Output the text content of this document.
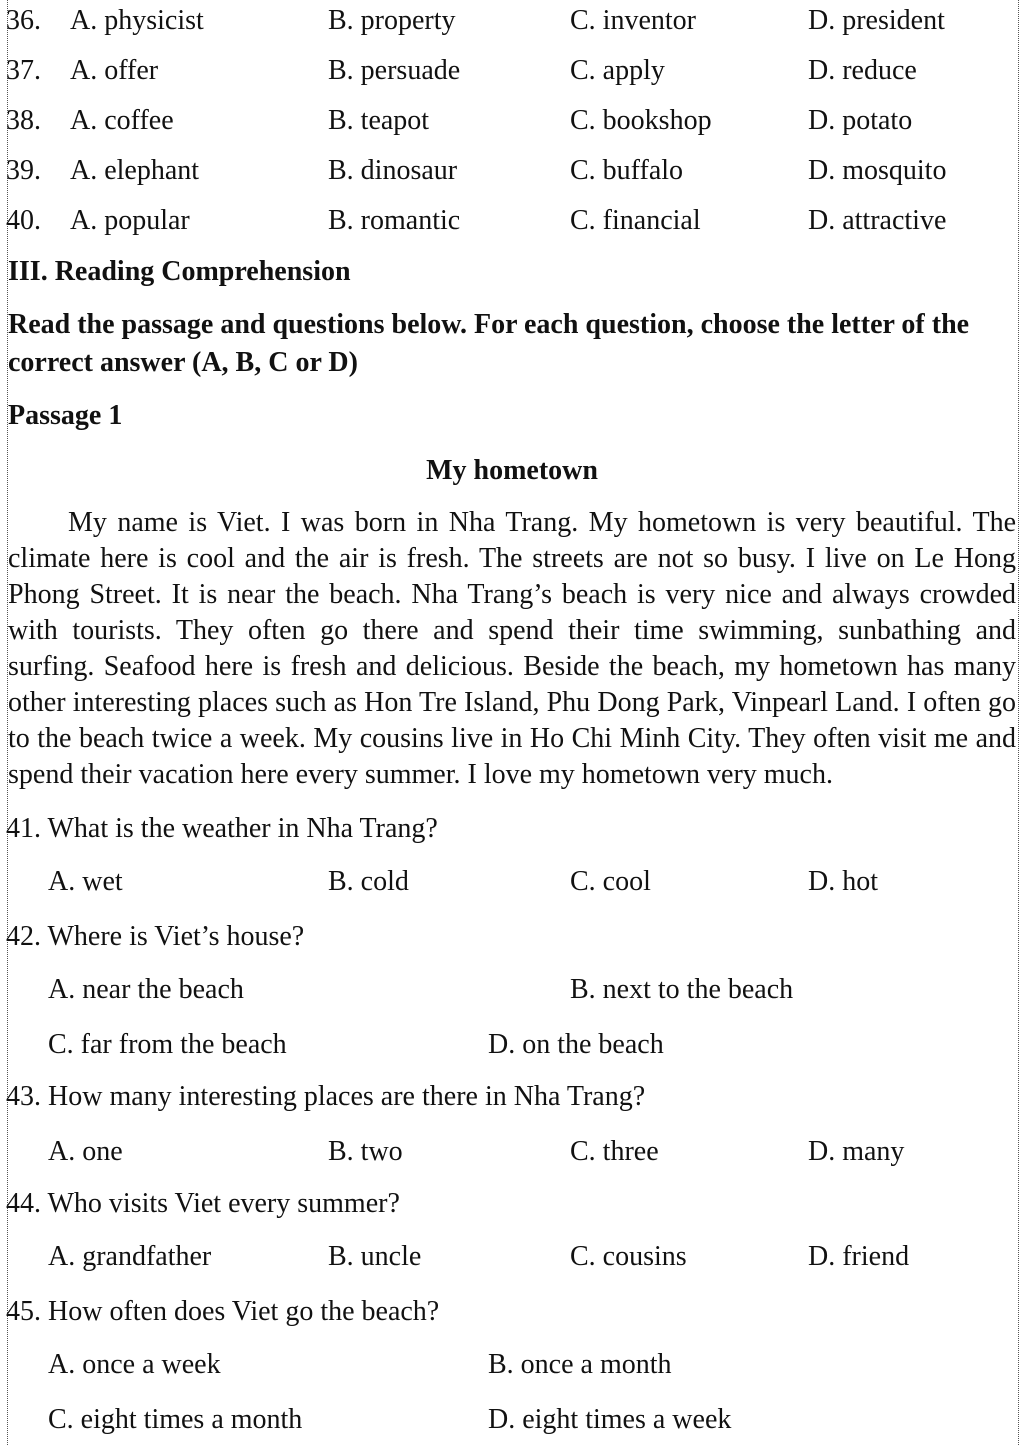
36. A. physicist	B. property	C. inventor	D. president
37. A. offer	B. persuade	C. apply	D. reduce
38. A. coffee	B. teapot	C. bookshop	D. potato
39. A. elephant	B. dinosaur	C. buffalo	D. mosquito
40. A. popular	B. romantic	C. financial	D. attractive
III. Reading Comprehension
Read the passage and questions below. For each question, choose the letter of the correct answer (A, B, C or D)
Passage 1
My hometown
My name is Viet. I was born in Nha Trang. My hometown is very beautiful. The climate here is cool and the air is fresh. The streets are not so busy. I live on Le Hong Phong Street. It is near the beach. Nha Trang’s beach is very nice and always crowded with tourists. They often go there and spend their time swimming, sunbathing and surfing. Seafood here is fresh and delicious. Beside the beach, my hometown has many other interesting places such as Hon Tre Island, Phu Dong Park, Vinpearl Land. I often go to the beach twice a week. My cousins live in Ho Chi Minh City. They often visit me and spend their vacation here every summer. I love my hometown very much.
41. What is the weather in Nha Trang?
A. wet	B. cold	C. cool	D. hot
42. Where is Viet’s house?
A. near the beach	B. next to the beach
C. far from the beach	D. on the beach
43. How many interesting places are there in Nha Trang?
A. one	B. two	C. three	D. many
44. Who visits Viet every summer?
A. grandfather	B. uncle	C. cousins	D. friend
45. How often does Viet go the beach?
A. once a week	B. once a month
C. eight times a month	D. eight times a week
